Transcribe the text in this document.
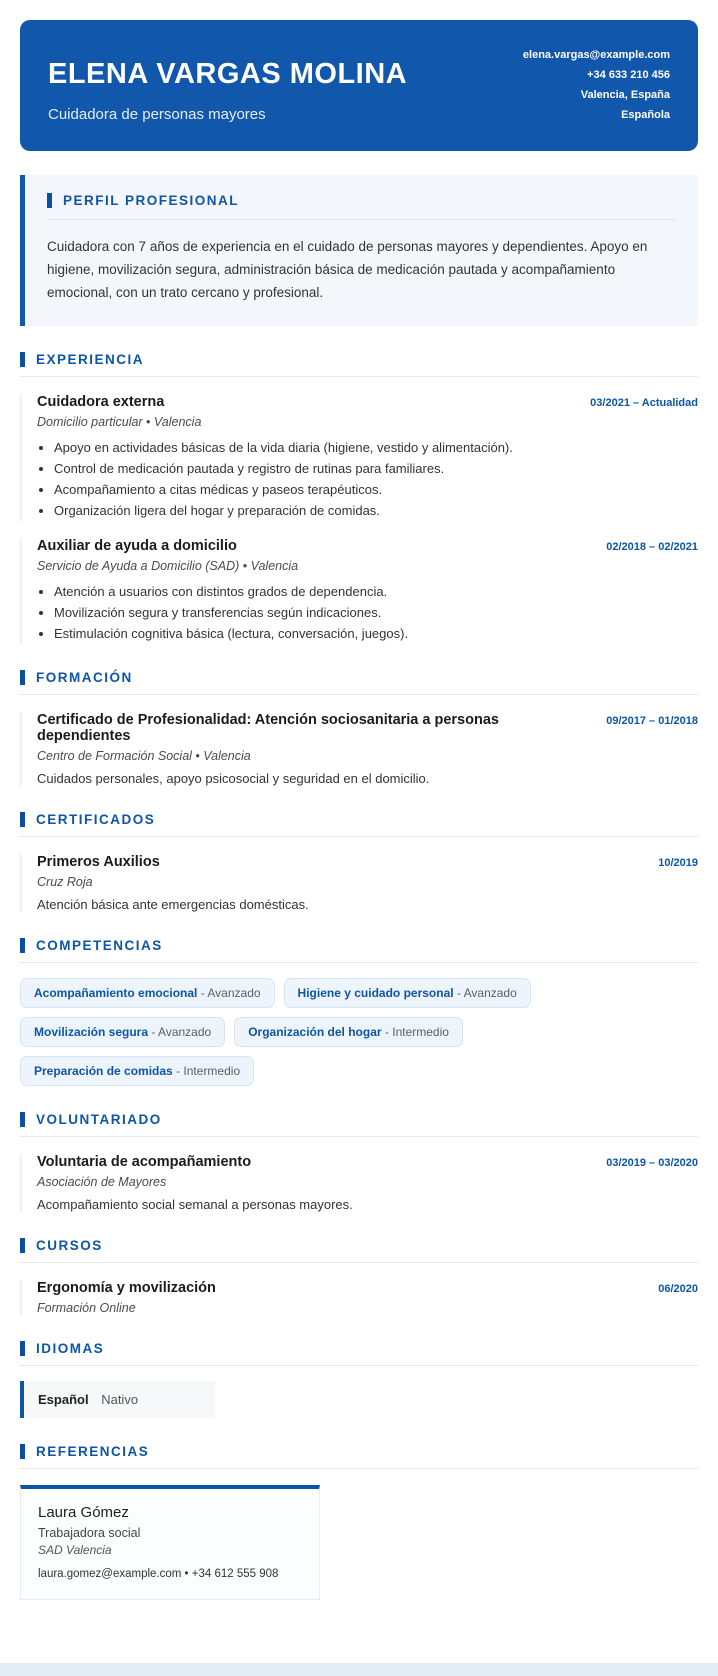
ELENA VARGAS MOLINA
Cuidadora de personas mayores
elena.vargas@example.com
+34 633 210 456
Valencia, España
Española
PERFIL PROFESIONAL
Cuidadora con 7 años de experiencia en el cuidado de personas mayores y dependientes. Apoyo en higiene, movilización segura, administración básica de medicación pautada y acompañamiento emocional, con un trato cercano y profesional.
EXPERIENCIA
Cuidadora externa	03/2021 – Actualidad
Domicilio particular • Valencia
• Apoyo en actividades básicas de la vida diaria (higiene, vestido y alimentación).
• Control de medicación pautada y registro de rutinas para familiares.
• Acompañamiento a citas médicas y paseos terapéuticos.
• Organización ligera del hogar y preparación de comidas.
Auxiliar de ayuda a domicilio	02/2018 – 02/2021
Servicio de Ayuda a Domicilio (SAD) • Valencia
• Atención a usuarios con distintos grados de dependencia.
• Movilización segura y transferencias según indicaciones.
• Estimulación cognitiva básica (lectura, conversación, juegos).
FORMACIÓN
Certificado de Profesionalidad: Atención sociosanitaria a personas dependientes
09/2017 – 01/2018
Centro de Formación Social • Valencia
Cuidados personales, apoyo psicosocial y seguridad en el domicilio.
CERTIFICADOS
Primeros Auxilios	10/2019
Cruz Roja
Atención básica ante emergencias domésticas.
COMPETENCIAS
Acompañamiento emocional - Avanzado	Higiene y cuidado personal - Avanzado
Movilización segura - Avanzado	Organización del hogar - Intermedio
Preparación de comidas - Intermedio
VOLUNTARIADO
Voluntaria de acompañamiento	03/2019 – 03/2020
Asociación de Mayores
Acompañamiento social semanal a personas mayores.
CURSOS
Ergonomía y movilización	06/2020
Formación Online
IDIOMAS
Español Nativo
REFERENCIAS
Laura Gómez
Trabajadora social
SAD Valencia
laura.gomez@example.com • +34 612 555 908
